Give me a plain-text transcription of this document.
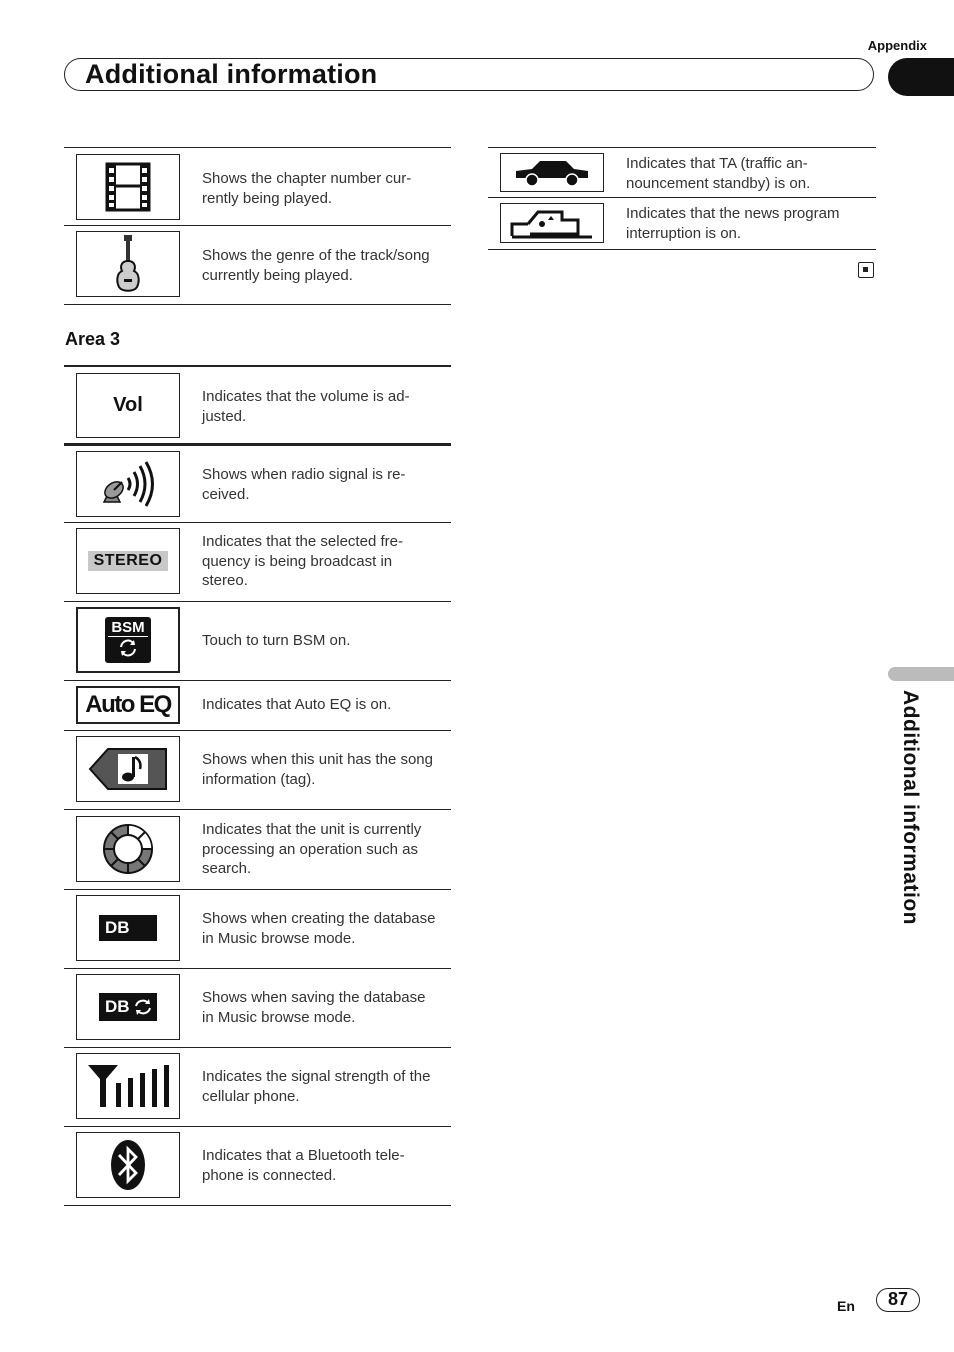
Appendix
Additional information
Shows the chapter number cur-
rently being played.
Shows the genre of the track/song
currently being played.
Area 3
Vol	Indicates that the volume is ad-
justed.
Shows when radio signal is re-
ceived.
STEREO
Indicates that the selected fre-
quency is being broadcast in
stereo.
BSM
Touch to turn BSM on.
Auto EQ Indicates that Auto EQ is on.
Shows when this unit has the song
information (tag).
Indicates that the unit is currently
processing an operation such as
search.
DB	Shows when creating the database
in Music browse mode.
DB	Shows when saving the database
in Music browse mode.
Indicates the signal strength of the
cellular phone.
Indicates that a Bluetooth tele-
phone is connected.
Indicates that TA (traffic an-
nouncement standby) is on.
Indicates that the news program
interruption is on.
Additional information
En	87
